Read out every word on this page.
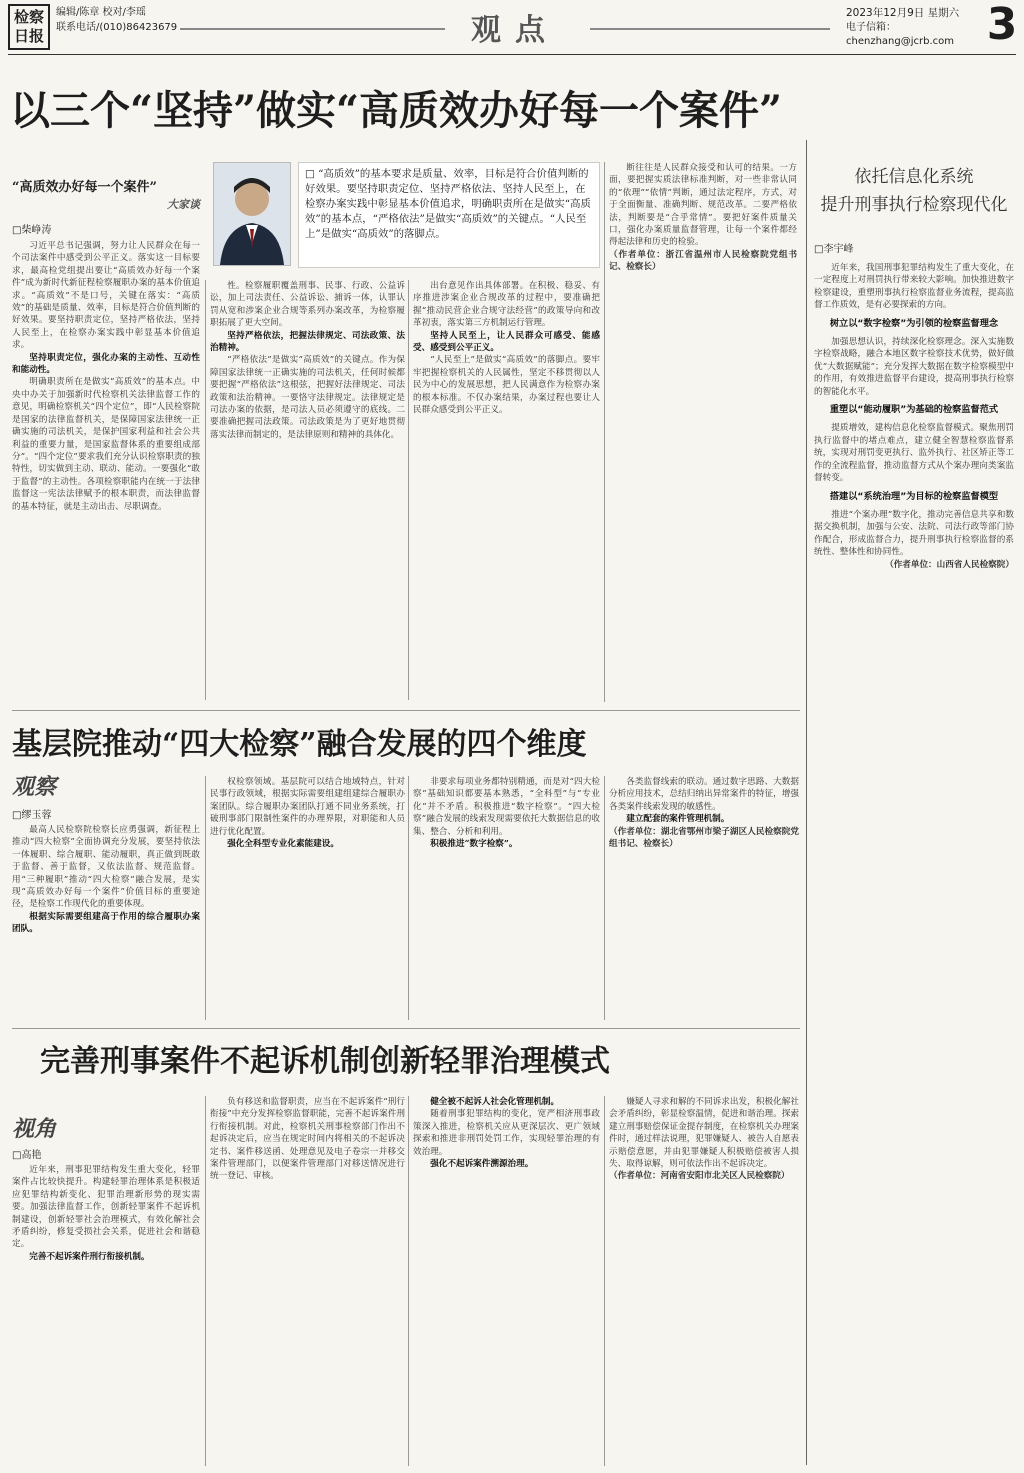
检察日报
编辑/陈章 校对/李瑶
联系电话/(010)86423679	观点	2023年12月9日 星期六
电子信箱：chenzhang@jcrb.com 3
以三个“坚持”做实“高质效办好每一个案件”
“高质效办好每一个案件”
大家谈
□柴峥涛
□ “高质效”的基本要求是质量、效率，目标是符合价值判断的好效果。要坚持职责定位、坚持严格依法、坚持人民至上，在检察办案实践中彰显基本价值追求，明确职责所在是做实“高质效”的基本点，“严格依法”是做实“高质效”的关键点。“人民至上”是做实“高质效”的落脚点。

习近平总书记强调，努力让人民群众在每一个司法案件中感受到公平正义。落实这一目标要求，最高检党组提出要让“高质效办好每一个案件”成为新时代新征程检察履职办案的基本价值追求。“高质效”不是口号，关键在落实：“高质效”的基础是质量、效率，目标是符合价值判断的好效果。要坚持职责定位，坚持严格依法，坚持人民至上，在检察办案实践中彰显基本价值追求。

坚持职责定位，强化办案的主动性、互动性和能动性。

明确职责所在是做实“高质效”的基本点。中央中办关于加强新时代检察机关法律监督工作的意见，明确检察机关“四个定位”，即“人民检察院是国家的法律监督机关，是保障国家法律统一正确实施的司法机关，是保护国家利益和社会公共利益的重要力量，是国家监督体系的重要组成部分”。“四个定位”要求我们充分认识检察职责的独特性，切实做到主动、联动、能动。一要强化“敢于监督”的主动性。各项检察职能内在统一于法律监督这一宪法法律赋予的根本职责，而法律监督的基本特征，就是主动出击、尽职调查。

性。检察履职覆盖刑事、民事、行政、公益诉讼，加上司法责任、公益诉讼、捕诉一体，认罪认罚从宽和涉案企业合规等系列办案改革，为检察履职拓展了更大空间。

坚持严格依法，把握法律规定、司法政策、法治精神。

“严格依法”是做实“高质效”的关键点。作为保障国家法律统一正确实施的司法机关，任何时候都要把握“严格依法”这根弦，把握好法律规定、司法政策和法治精神。一要恪守法律规定。法律规定是司法办案的依据，是司法人员必须遵守的底线。二要准确把握司法政策。司法政策是为了更好地贯彻落实法律而制定的，是法律原则和精神的具体化。

出台意见作出具体部署。在积极、稳妥、有序推进涉案企业合规改革的过程中，要准确把握“推动民营企业合规守法经营”的政策导向和改革初衷，落实第三方机制运行管理。

坚持人民至上，让人民群众可感受、能感受、感受到公平正义。

“人民至上”是做实“高质效”的落脚点。要牢牢把握检察机关的人民属性，坚定不移贯彻以人民为中心的发展思想，把人民满意作为检察办案的根本标准。不仅办案结果，办案过程也要让人民群众感受到公平正义。

断往往是人民群众接受和认可的结果。一方面，要把握实质法律标准判断，对一些非常认同的“依理”“依情”判断，通过法定程序，方式，对于全面衡量、准确判断、规范改革。二要严格依法，判断要是“合乎常情”。要把好案件质量关口，强化办案质量监督管理，让每一个案件都经得起法律和历史的检验。

（作者单位：浙江省温州市人民检察院党组书记、检察长）

依托信息化系统
提升刑事执行检察现代化
□李宇峰

近年来，我国刑事犯罪结构发生了重大变化，在一定程度上对刑罚执行带来较大影响。加快推进数字检察建设，重塑刑事执行检察监督业务流程，提高监督工作质效，是有必要探索的方向。

树立以“数字检察”为引领的检察监督理念

加强思想认识，持续深化检察理念。深入实施数字检察战略，融合本地区数字检察技术优势，做好做优“大数据赋能”；充分发挥大数据在数字检察模型中的作用，有效推进监督平台建设，提高刑事执行检察的智能化水平。

重塑以“能动履职”为基础的检察监督范式

提质增效，建构信息化检察监督模式。聚焦刑罚执行监督中的堵点难点，建立健全智慧检察监督系统，实现对刑罚变更执行、监外执行、社区矫正等工作的全流程监督，推动监督方式从个案办理向类案监督转变。

搭建以“系统治理”为目标的检察监督模型

推进“个案办理”数字化，推动完善信息共享和数据交换机制，加强与公安、法院、司法行政等部门协作配合，形成监督合力，提升刑事执行检察监督的系统性、整体性和协同性。

（作者单位：山西省人民检察院）

基层院推动“四大检察”融合发展的四个维度
观察
□缪玉蓉

最高人民检察院检察长应勇强调，新征程上推动“四大检察”全面协调充分发展，要坚持依法一体履职、综合履职、能动履职，真正做到既敢于监督、善于监督，又依法监督、规范监督。用“三种履职”推动“四大检察”融合发展，是实现“高质效办好每一个案件”价值目标的重要途径，是检察工作现代化的重要体现。

根据实际需要组建高于作用的综合履职办案团队。

权检察领域。基层院可以结合地域特点，针对民事行政领域，根据实际需要组建组建综合履职办案团队。综合履职办案团队打通不同业务系统，打破刑事部门限制性案件的办理界限，对职能和人员进行优化配置。

强化全科型专业化素能建设。

非要求每项业务都特别精通，而是对“四大检察”基础知识都要基本熟悉，“全科型”与“专业化”并不矛盾。积极推进“数字检察”。“四大检察”融合发展的线索发现需要依托大数据信息的收集、整合、分析和利用。

积极推进“数字检察”。

各类监督线索的联动。通过数字思路、大数据分析应用技术，总结归纳出异常案件的特征，增强各类案件线索发现的敏感性。

建立配套的案件管理机制。

（作者单位：湖北省鄂州市梁子湖区人民检察院党组书记、检察长）

完善刑事案件不起诉机制创新轻罪治理模式
视角
□高艳

近年来，刑事犯罪结构发生重大变化，轻罪案件占比较快提升。构建轻罪治理体系是积极适应犯罪结构新变化、犯罪治理新形势的现实需要。加强法律监督工作，创新轻罪案件不起诉机制建设，创新轻罪社会治理模式，有效化解社会矛盾纠纷，修复受损社会关系，促进社会和谐稳定。

完善不起诉案件刑行衔接机制。

负有移送和监督职责，应当在不起诉案件“刑行衔接”中充分发挥检察监督职能，完善不起诉案件刑行衔接机制。对此，检察机关刑事检察部门作出不起诉决定后，应当在规定时间内将相关的不起诉决定书、案件移送函、处理意见及电子卷宗一并移交案件管理部门，以便案件管理部门对移送情况进行统一登记、审核。

健全被不起诉人社会化管理机制。

随着刑事犯罪结构的变化，宽严相济刑事政策深入推进，检察机关应从更深层次、更广领域探索和推进非刑罚处罚工作，实现轻罪治理的有效治理。

强化不起诉案件溯源治理。

嫌疑人寻求和解的不同诉求出发，积极化解社会矛盾纠纷，彰显检察温情，促进和谐治理。探索建立刑事赔偿保证金提存制度，在检察机关办理案件时，通过样法说理，犯罪嫌疑人、被告人自愿表示赔偿意愿，并由犯罪嫌疑人积极赔偿被害人损失、取得谅解，则可依法作出不起诉决定。

（作者单位：河南省安阳市北关区人民检察院）
